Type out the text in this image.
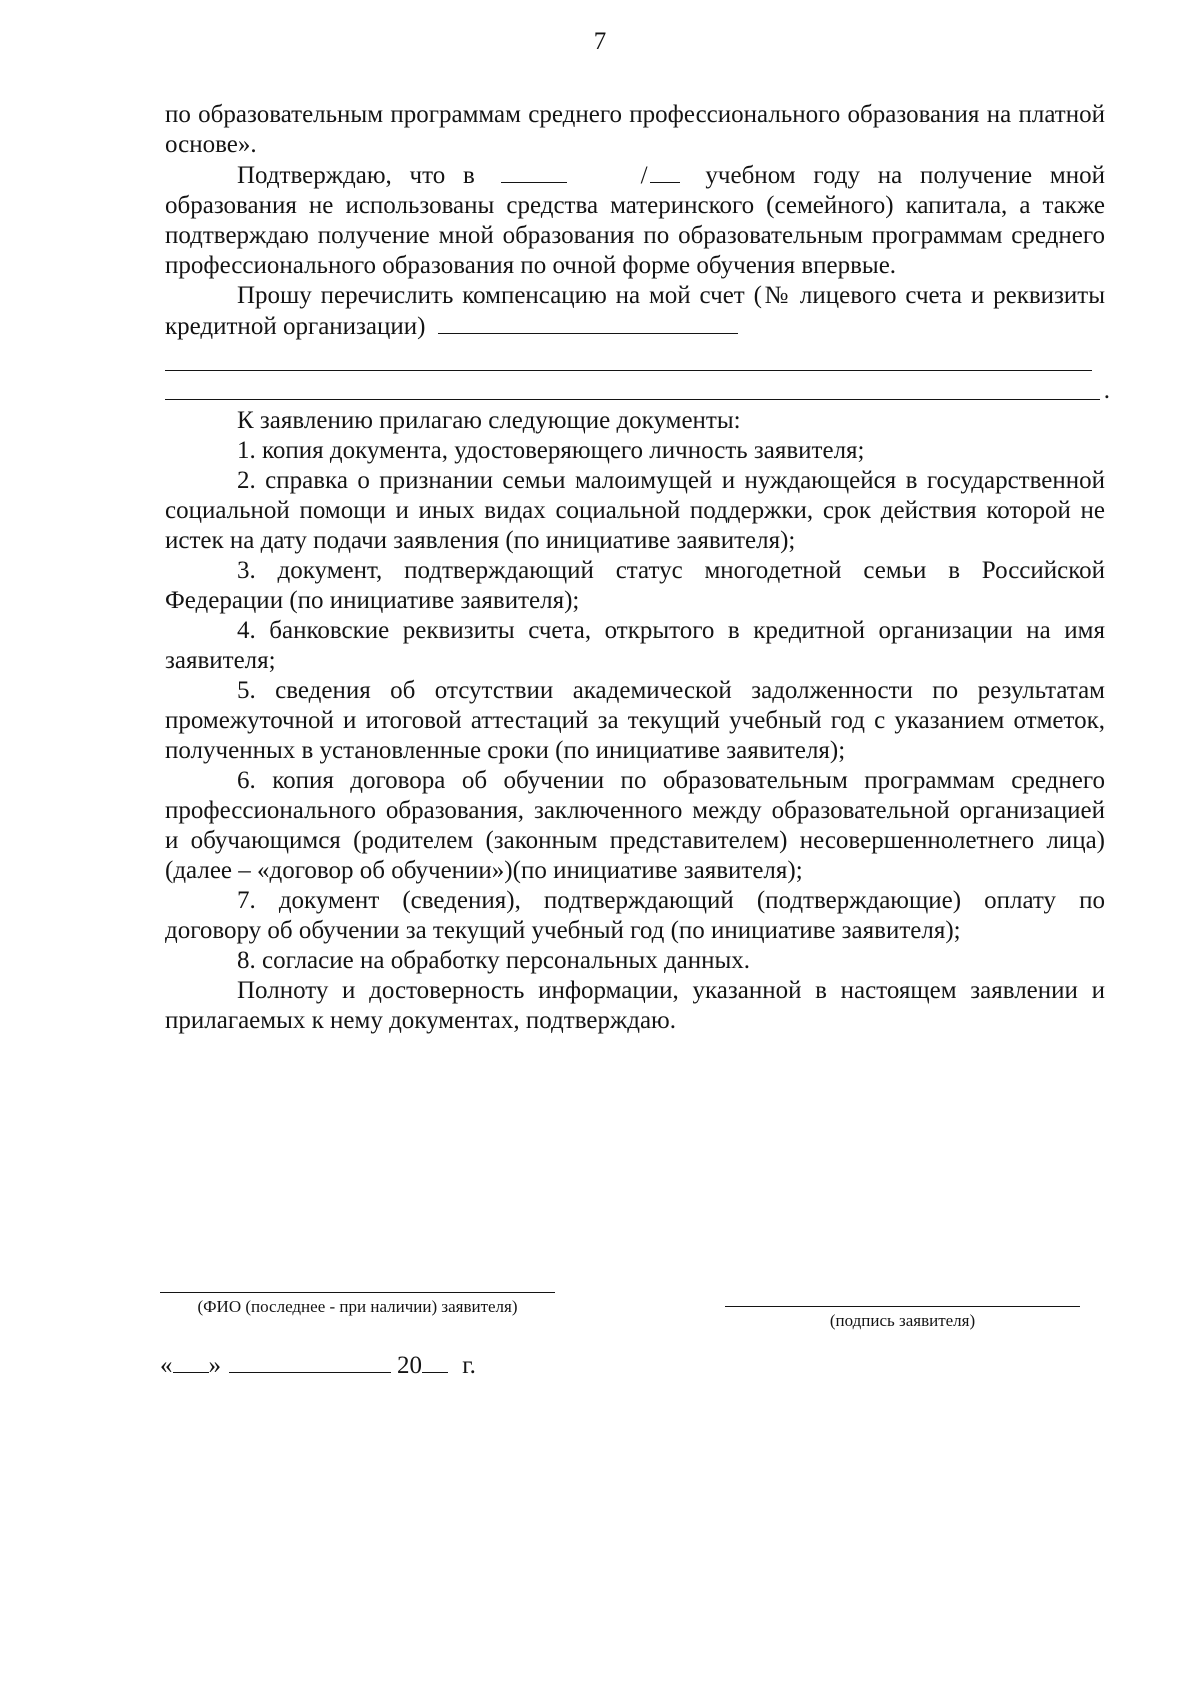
7

по образовательным программам среднего профессионального образования на платной основе».

Подтверждаю, что в	/ учебном году на получение мной образования не использованы средства материнского (семейного) капитала, а также подтверждаю получение мной образования по образовательным программам среднего профессионального образования по очной форме обучения впервые.

Прошу перечислить компенсацию на мой счет (№ лицевого счета и реквизиты кредитной организации)

.

К заявлению прилагаю следующие документы:

1. копия документа, удостоверяющего личность заявителя;

2. справка о признании семьи малоимущей и нуждающейся в государственной социальной помощи и иных видах социальной поддержки, срок действия которой не истек на дату подачи заявления (по инициативе заявителя);

3. документ, подтверждающий статус многодетной семьи в Российской Федерации (по инициативе заявителя);

4. банковские реквизиты счета, открытого в кредитной организации на имя заявителя;

5. сведения об отсутствии академической задолженности по результатам промежуточной и итоговой аттестаций за текущий учебный год с указанием отметок, полученных в установленные сроки (по инициативе заявителя);

6. копия договора об обучении по образовательным программам среднего профессионального образования, заключенного между образовательной организацией и обучающимся (родителем (законным представителем) несовершеннолетнего лица) (далее – «договор об обучении»)(по инициативе заявителя);

7. документ (сведения), подтверждающий (подтверждающие) оплату по договору об обучении за текущий учебный год (по инициативе заявителя);

8. согласие на обработку персональных данных.

Полноту и достоверность информации, указанной в настоящем заявлении и прилагаемых к нему документах, подтверждаю.

(ФИО (последнее - при наличии) заявителя)
(подпись заявителя)
« »	20 г.
